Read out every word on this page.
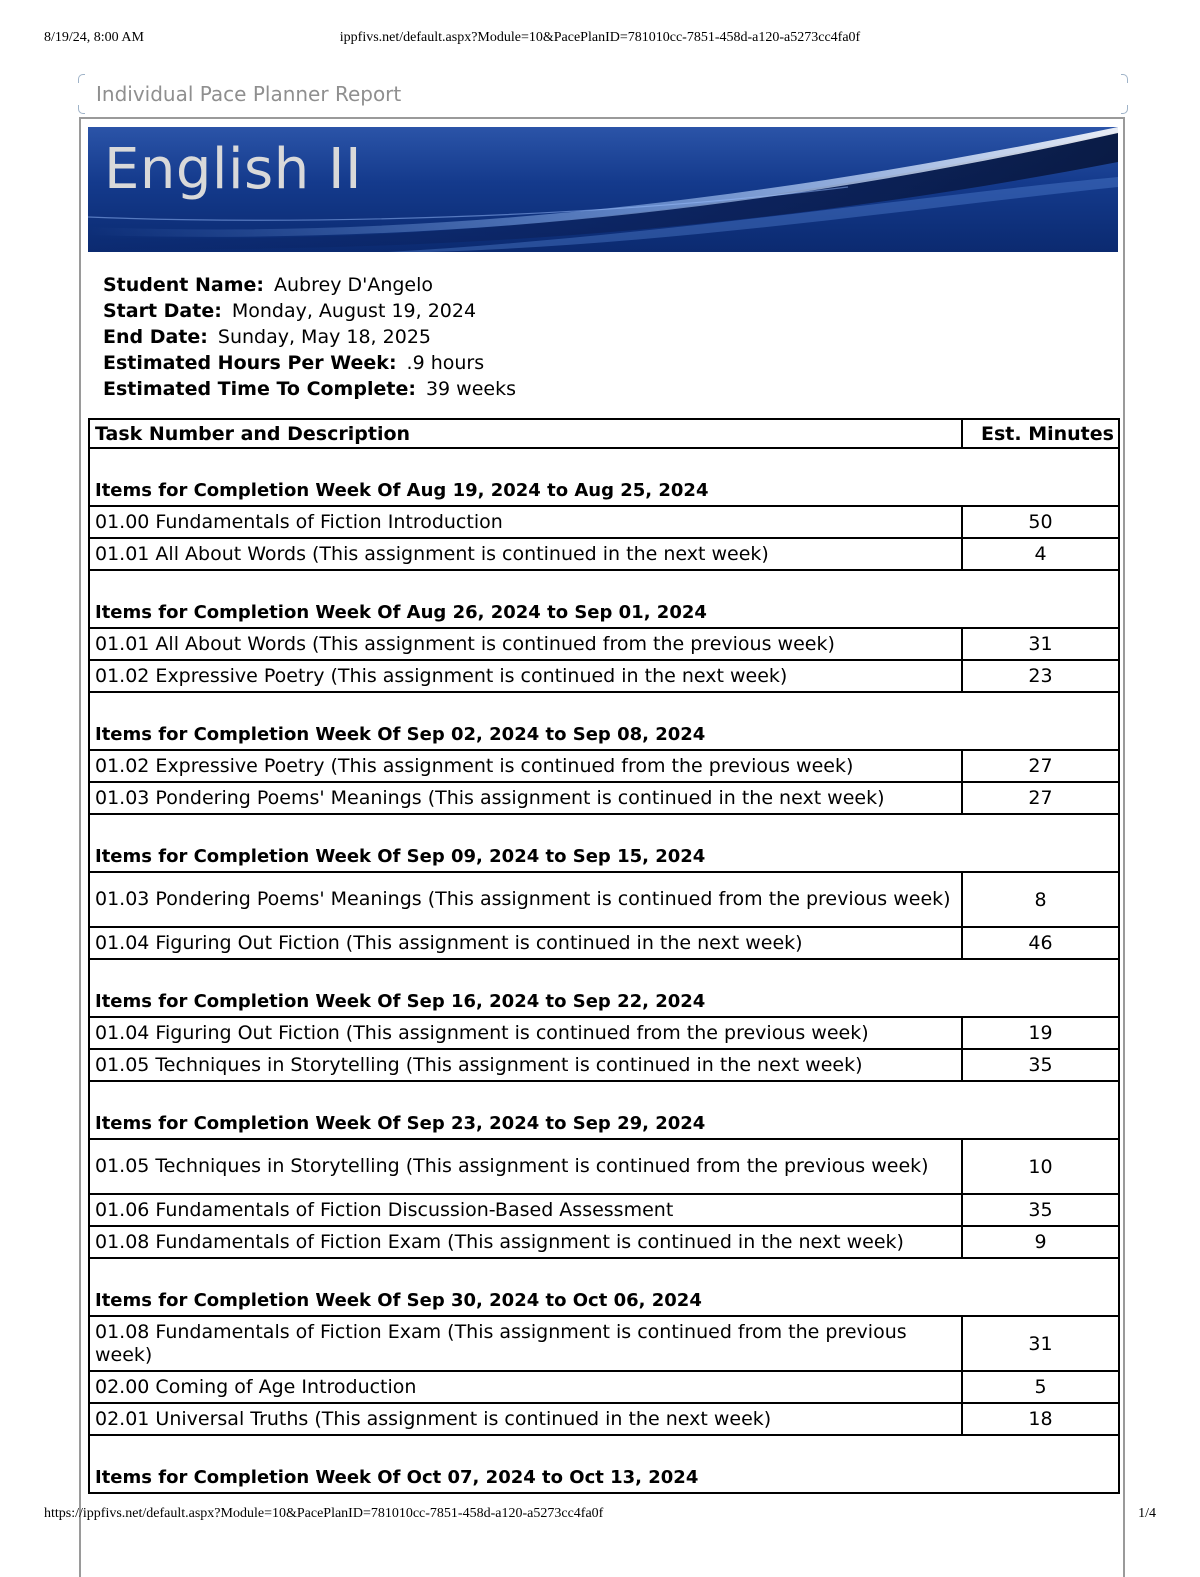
8/19/24, 8:00 AM	ippfivs.net/default.aspx?Module=10&PacePlanID=781010cc-7851-458d-a120-a5273cc4fa0f
Individual Pace Planner Report
English II
Student Name: Aubrey D'Angelo
Start Date: Monday, August 19, 2024
End Date: Sunday, May 18, 2025
Estimated Hours Per Week: .9 hours
Estimated Time To Complete: 39 weeks
Task Number and Description	Est. Minutes
Items for Completion Week Of Aug 19, 2024 to Aug 25, 2024	
01.00 Fundamentals of Fiction Introduction	50
01.01 All About Words (This assignment is continued in the next week)	4
Items for Completion Week Of Aug 26, 2024 to Sep 01, 2024	
01.01 All About Words (This assignment is continued from the previous week)	31
01.02 Expressive Poetry (This assignment is continued in the next week)	23
Items for Completion Week Of Sep 02, 2024 to Sep 08, 2024	
01.02 Expressive Poetry (This assignment is continued from the previous week)	27
01.03 Pondering Poems' Meanings (This assignment is continued in the next week)	27
Items for Completion Week Of Sep 09, 2024 to Sep 15, 2024	
01.03 Pondering Poems' Meanings (This assignment is continued from the previous week)	8
01.04 Figuring Out Fiction (This assignment is continued in the next week)	46
Items for Completion Week Of Sep 16, 2024 to Sep 22, 2024	
01.04 Figuring Out Fiction (This assignment is continued from the previous week)	19
01.05 Techniques in Storytelling (This assignment is continued in the next week)	35
Items for Completion Week Of Sep 23, 2024 to Sep 29, 2024	
01.05 Techniques in Storytelling (This assignment is continued from the previous week)	10
01.06 Fundamentals of Fiction Discussion-Based Assessment	35
01.08 Fundamentals of Fiction Exam (This assignment is continued in the next week)	9
Items for Completion Week Of Sep 30, 2024 to Oct 06, 2024	
01.08 Fundamentals of Fiction Exam (This assignment is continued from the previous week)	31
02.00 Coming of Age Introduction	5
02.01 Universal Truths (This assignment is continued in the next week)	18
Items for Completion Week Of Oct 07, 2024 to Oct 13, 2024	
https://ippfivs.net/default.aspx?Module=10&PacePlanID=781010cc-7851-458d-a120-a5273cc4fa0f	1/4
